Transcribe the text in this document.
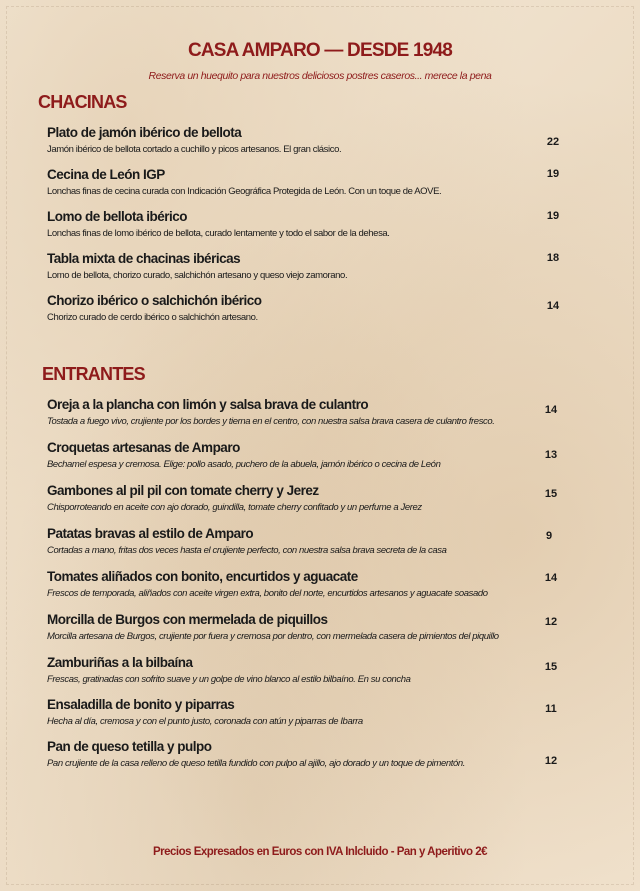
CASA AMPARO — DESDE 1948
Reserva un huequito para nuestros deliciosos postres caseros... merece la pena
CHACINAS
Plato de jamón ibérico de bellota
Jamón ibérico de bellota cortado a cuchillo y picos artesanos. El gran clásico.
22
Cecina de León IGP
Lonchas finas de cecina curada con Indicación Geográfica Protegida de León. Con un toque de AOVE.
19
Lomo de bellota ibérico
Lonchas finas de lomo ibérico de bellota, curado lentamente y todo el sabor de la dehesa.
19
Tabla mixta de chacinas ibéricas
Lomo de bellota, chorizo curado, salchichón artesano y queso viejo zamorano.
18
Chorizo ibérico o salchichón ibérico
Chorizo curado de cerdo ibérico o salchichón artesano.
14
ENTRANTES
Oreja a la plancha con limón y salsa brava de culantro
Tostada a fuego vivo, crujiente por los bordes y tierna en el centro, con nuestra salsa brava casera de culantro fresco.
14
Croquetas artesanas de Amparo
Bechamel espesa y cremosa. Elige: pollo asado, puchero de la abuela, jamón ibérico o cecina de León
13
Gambones al pil pil con tomate cherry y Jerez
Chisporroteando en aceite con ajo dorado, guindilla, tomate cherry confitado y un perfume a Jerez
15
Patatas bravas al estilo de Amparo
Cortadas a mano, fritas dos veces hasta el crujiente perfecto, con nuestra salsa brava secreta de la casa
9
Tomates aliñados con bonito, encurtidos y aguacate
Frescos de temporada, aliñados con aceite virgen extra, bonito del norte, encurtidos artesanos y aguacate soasado
14
Morcilla de Burgos con mermelada de piquillos
Morcilla artesana de Burgos, crujiente por fuera y cremosa por dentro, con mermelada casera de pimientos del piquillo
12
Zamburiñas a la bilbaína
Frescas, gratinadas con sofrito suave y un golpe de vino blanco al estilo bilbaíno. En su concha
15
Ensaladilla de bonito y piparras
Hecha al día, cremosa y con el punto justo, coronada con atún y piparras de Ibarra
11
Pan de queso tetilla y pulpo
Pan crujiente de la casa relleno de queso tetilla fundido con pulpo al ajillo, ajo dorado y un toque de pimentón.	12
Precios Expresados en Euros con IVA Inlcluido - Pan y Aperitivo 2€
